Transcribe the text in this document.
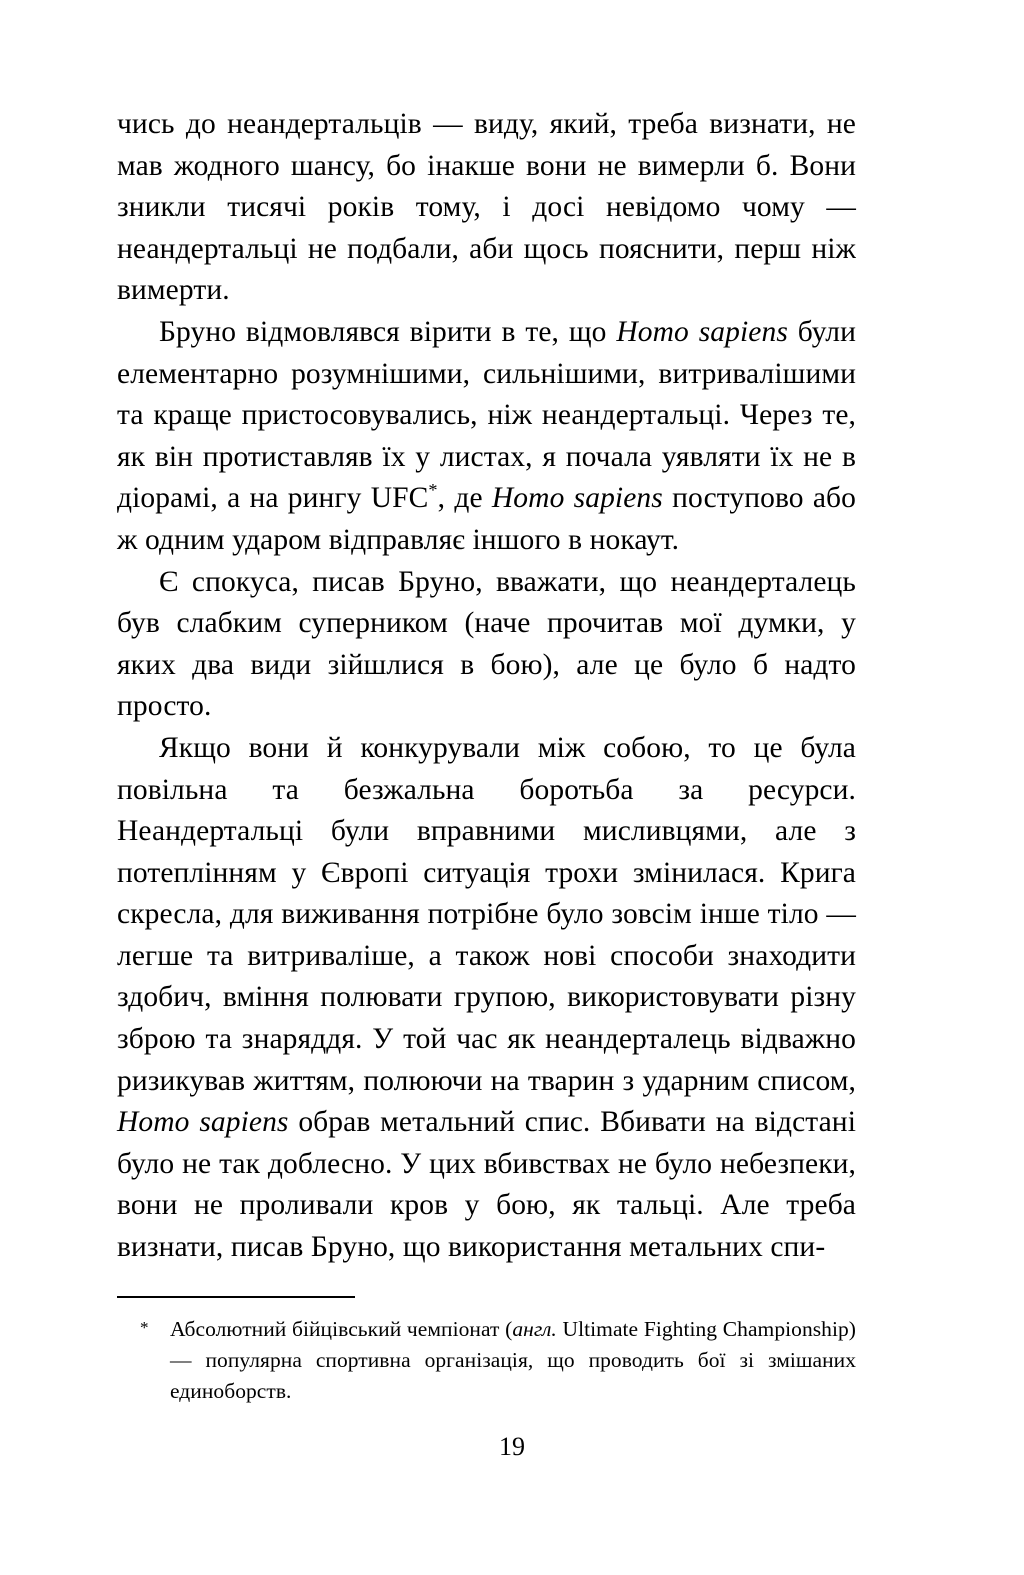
чись до неандертальців — виду, який, треба визнати, не мав жодного шансу, бо інакше вони не вимерли б. Вони зникли тисячі років тому, і досі невідомо чому — неандертальці не подбали, аби щось пояснити, перш ніж вимерти.

Бруно відмовлявся вірити в те, що Homo sapiens були елементарно розумнішими, сильнішими, витривалішими та краще пристосовувались, ніж неандертальці. Через те, як він протиставляв їх у листах, я почала уявляти їх не в діорамі, а на рингу UFC*, де Homo sapiens поступово або ж одним ударом відправляє іншого в нокаут.

Є спокуса, писав Бруно, вважати, що неандерталець був слабким суперником (наче прочитав мої думки, у яких два види зійшлися в бою), але це було б надто просто.

Якщо вони й конкурували між собою, то це була повільна та безжальна боротьба за ресурси. Неандертальці були вправними мисливцями, але з потеплінням у Європі ситуація трохи змінилася. Крига скресла, для виживання потрібне було зовсім інше тіло — легше та витриваліше, а також нові способи знаходити здобич, вміння полювати групою, використовувати різну зброю та знаряддя. У той час як неандерталець відважно ризикував життям, полюючи на тварин з ударним списом, Homo sapiens обрав метальний спис. Вбивати на відстані було не так доблесно. У цих вбивствах не було небезпеки, вони не проливали кров у бою, як тальці. Але треба визнати, писав Бруно, що використання метальних спи-

*	Абсолютний бійцівський чемпіонат (англ. Ultimate Fighting Championship) — популярна спортивна організація, що проводить бої зі змішаних единоборств.
19
